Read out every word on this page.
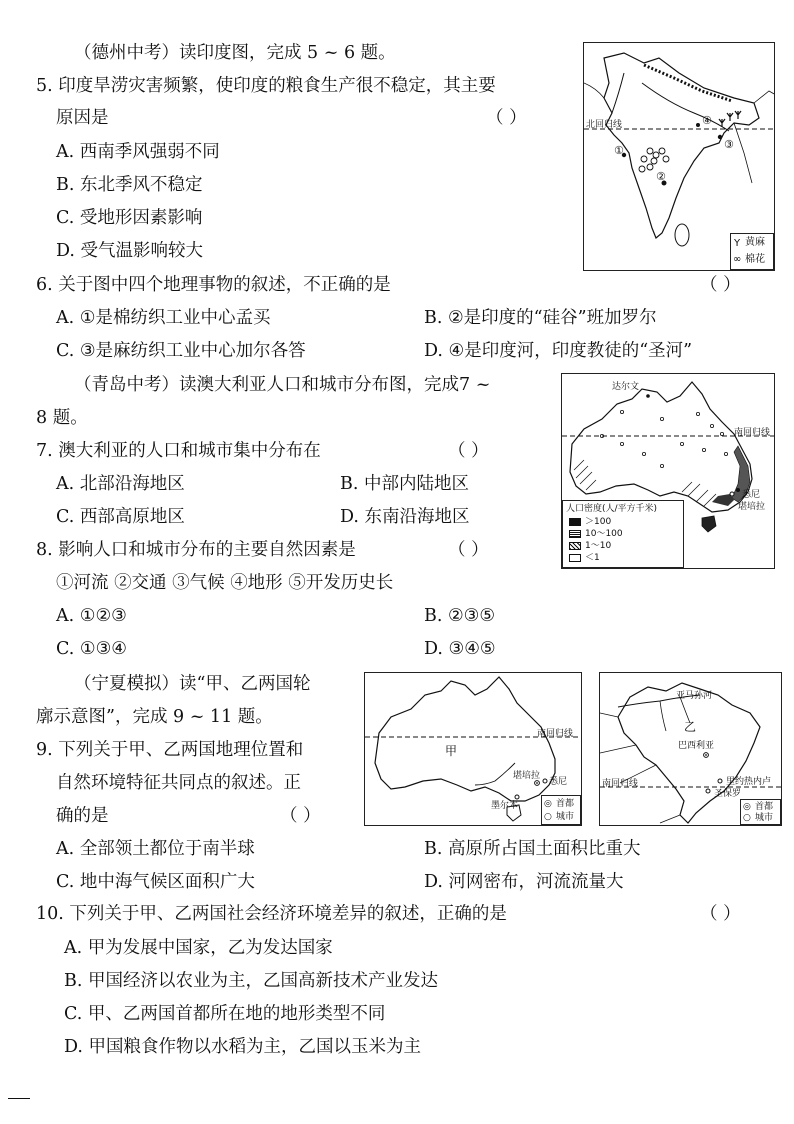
（德州中考）读印度图，完成 5 ~ 6 题。
5. 印度旱涝灾害频繁，使印度的粮食生产很不稳定，其主要
原因是	（ ）
A. 西南季风强弱不同
B. 东北季风不稳定
C. 受地形因素影响
D. 受气温影响较大
6. 关于图中四个地理事物的叙述，不正确的是	（ ）
A. ①是棉纺织工业中心孟买	B. ②是印度的“硅谷”班加罗尔
C. ③是麻纺织工业中心加尔各答	D. ④是印度河，印度教徒的“圣河”
北回归线
①
②
③
④
Y 黄麻
∞ 棉花
（青岛中考）读澳大利亚人口和城市分布图，完成7 ~
8 题。
7. 澳大利亚的人口和城市集中分布在	（ ）
A. 北部沿海地区	B. 中部内陆地区
C. 西部高原地区	D. 东南沿海地区
8. 影响人口和城市分布的主要自然因素是	（ ）
①河流 ②交通 ③气候 ④地形 ⑤开发历史长
A. ①②③	B. ②③⑤
C. ①③④	D. ③④⑤
达尔文
南回归线
悉尼
堪培拉
人口密度(人/平方千米)
＞100
10～100
1～10
＜1
（宁夏模拟）读“甲、乙两国轮
廓示意图”，完成 9 ~ 11 题。
9. 下列关于甲、乙两国地理位置和
自然环境特征共同点的叙述。正
确的是	（ ）
甲
南回归线
堪培拉
悉尼
墨尔本	◎ 首都
○ 城市
亚马孙河
乙
巴西利亚
南回归线	里约热内卢
圣保罗
◎ 首都
○ 城市
A. 全部领土都位于南半球	B. 高原所占国土面积比重大
C. 地中海气候区面积广大	D. 河网密布，河流流量大
10. 下列关于甲、乙两国社会经济环境差异的叙述，正确的是	（ ）
A. 甲为发展中国家，乙为发达国家
B. 甲国经济以农业为主，乙国高新技术产业发达
C. 甲、乙两国首都所在地的地形类型不同
D. 甲国粮食作物以水稻为主，乙国以玉米为主
